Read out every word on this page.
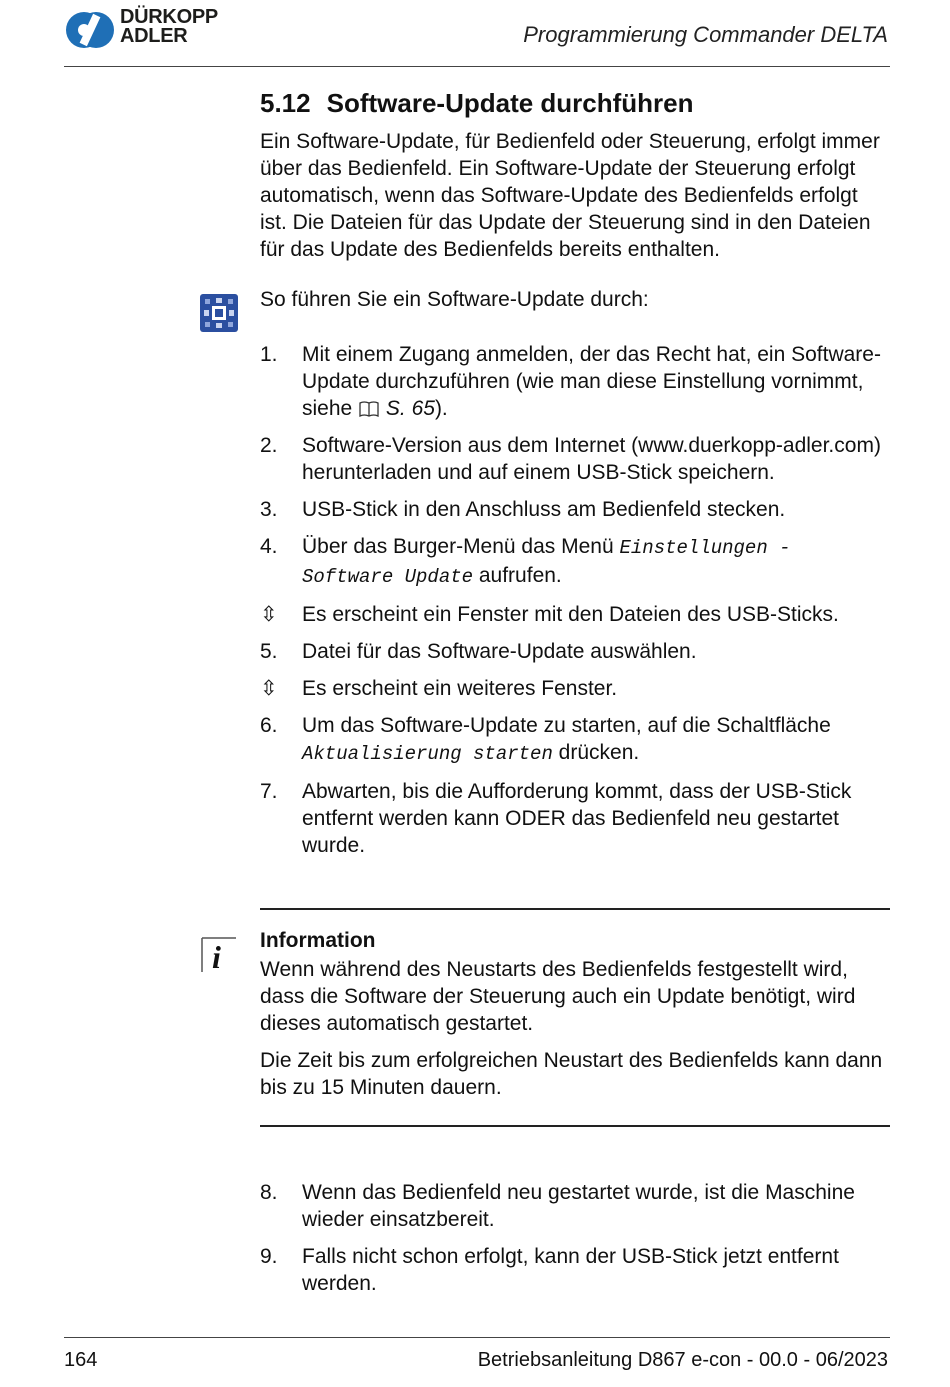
DÜRKOPP
ADLER	Programmierung Commander DELTA
5.12 Software-Update durchführen
Ein Software-Update, für Bedienfeld oder Steuerung, erfolgt immer über das Bedienfeld. Ein Software-Update der Steuerung erfolgt automatisch, wenn das Software-Update des Bedienfelds erfolgt ist. Die Dateien für das Update der Steuerung sind in den Dateien für das Update des Bedienfelds bereits enthalten.
So führen Sie ein Software-Update durch:
1. Mit einem Zugang anmelden, der das Recht hat, ein Software-Update durchzuführen (wie man diese Einstellung vornimmt, siehe  S. 65).
2. Software-Version aus dem Internet (www.duerkopp-adler.com) herunterladen und auf einem USB-Stick speichern.
3. USB-Stick in den Anschluss am Bedienfeld stecken.
4. Über das Burger-Menü das Menü Einstellungen - Software Update aufrufen.
⇳ Es erscheint ein Fenster mit den Dateien des USB-Sticks.
5. Datei für das Software-Update auswählen.
⇳ Es erscheint ein weiteres Fenster.
6. Um das Software-Update zu starten, auf die Schaltfläche Aktualisierung starten drücken.
7. Abwarten, bis die Aufforderung kommt, dass der USB-Stick entfernt werden kann ODER das Bedienfeld neu gestartet wurde.
i Information

Wenn während des Neustarts des Bedienfelds festgestellt wird, dass die Software der Steuerung auch ein Update benötigt, wird dieses automatisch gestartet.

Die Zeit bis zum erfolgreichen Neustart des Bedienfelds kann dann bis zu 15 Minuten dauern.

8. Wenn das Bedienfeld neu gestartet wurde, ist die Maschine wieder einsatzbereit.
9. Falls nicht schon erfolgt, kann der USB-Stick jetzt entfernt werden.
164	Betriebsanleitung D867 e-con - 00.0 - 06/2023
